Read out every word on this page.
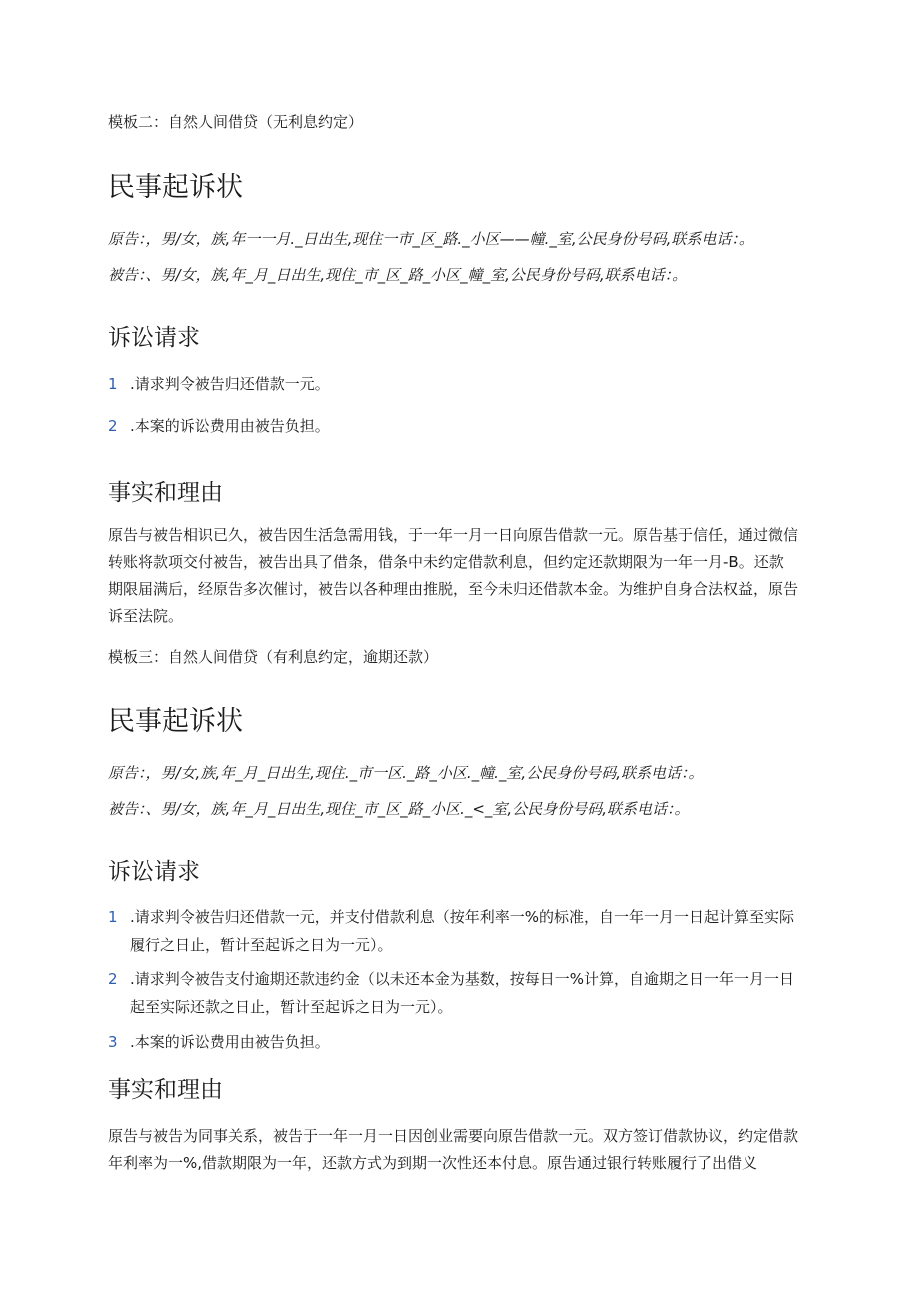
模板二：自然人间借贷（无利息约定）
民事起诉状
原告：，男/女，族,年一一月._日出生,现住一市_区_路._小区——幢._室,公民身份号码,联系电话：。
被告：、男/女，族,年_月_日出生,现住_市_区_路_小区_幢_室,公民身份号码,联系电话：。
诉讼请求
1 .请求判令被告归还借款一元。
2 .本案的诉讼费用由被告负担。
事实和理由

原告与被告相识已久，被告因生活急需用钱，于一年一月一日向原告借款一元。原告基于信任，通过微信转账将款项交付被告，被告出具了借条，借条中未约定借款利息，但约定还款期限为一年一月-B。还款期限届满后，经原告多次催讨，被告以各种理由推脱，至今未归还借款本金。为维护自身合法权益，原告诉至法院。

模板三：自然人间借贷（有利息约定，逾期还款）
民事起诉状
原告：，男/女,族,年_月_日出生,现住._市一区._路_小区._幢._室,公民身份号码,联系电话：。
被告：、男/女，族,年_月_日出生,现住_市_区_路_小区._<_室,公民身份号码,联系电话：。
诉讼请求
1 .请求判令被告归还借款一元，并支付借款利息（按年利率一%的标准，自一年一月一日起计算至实际履行之日止，暂计至起诉之日为一元）。
2 .请求判令被告支付逾期还款违约金（以未还本金为基数，按每日一%计算，自逾期之日一年一月一日起至实际还款之日止，暂计至起诉之日为一元）。
3 .本案的诉讼费用由被告负担。
事实和理由

原告与被告为同事关系，被告于一年一月一日因创业需要向原告借款一元。双方签订借款协议，约定借款年利率为一%,借款期限为一年，还款方式为到期一次性还本付息。原告通过银行转账履行了出借义
